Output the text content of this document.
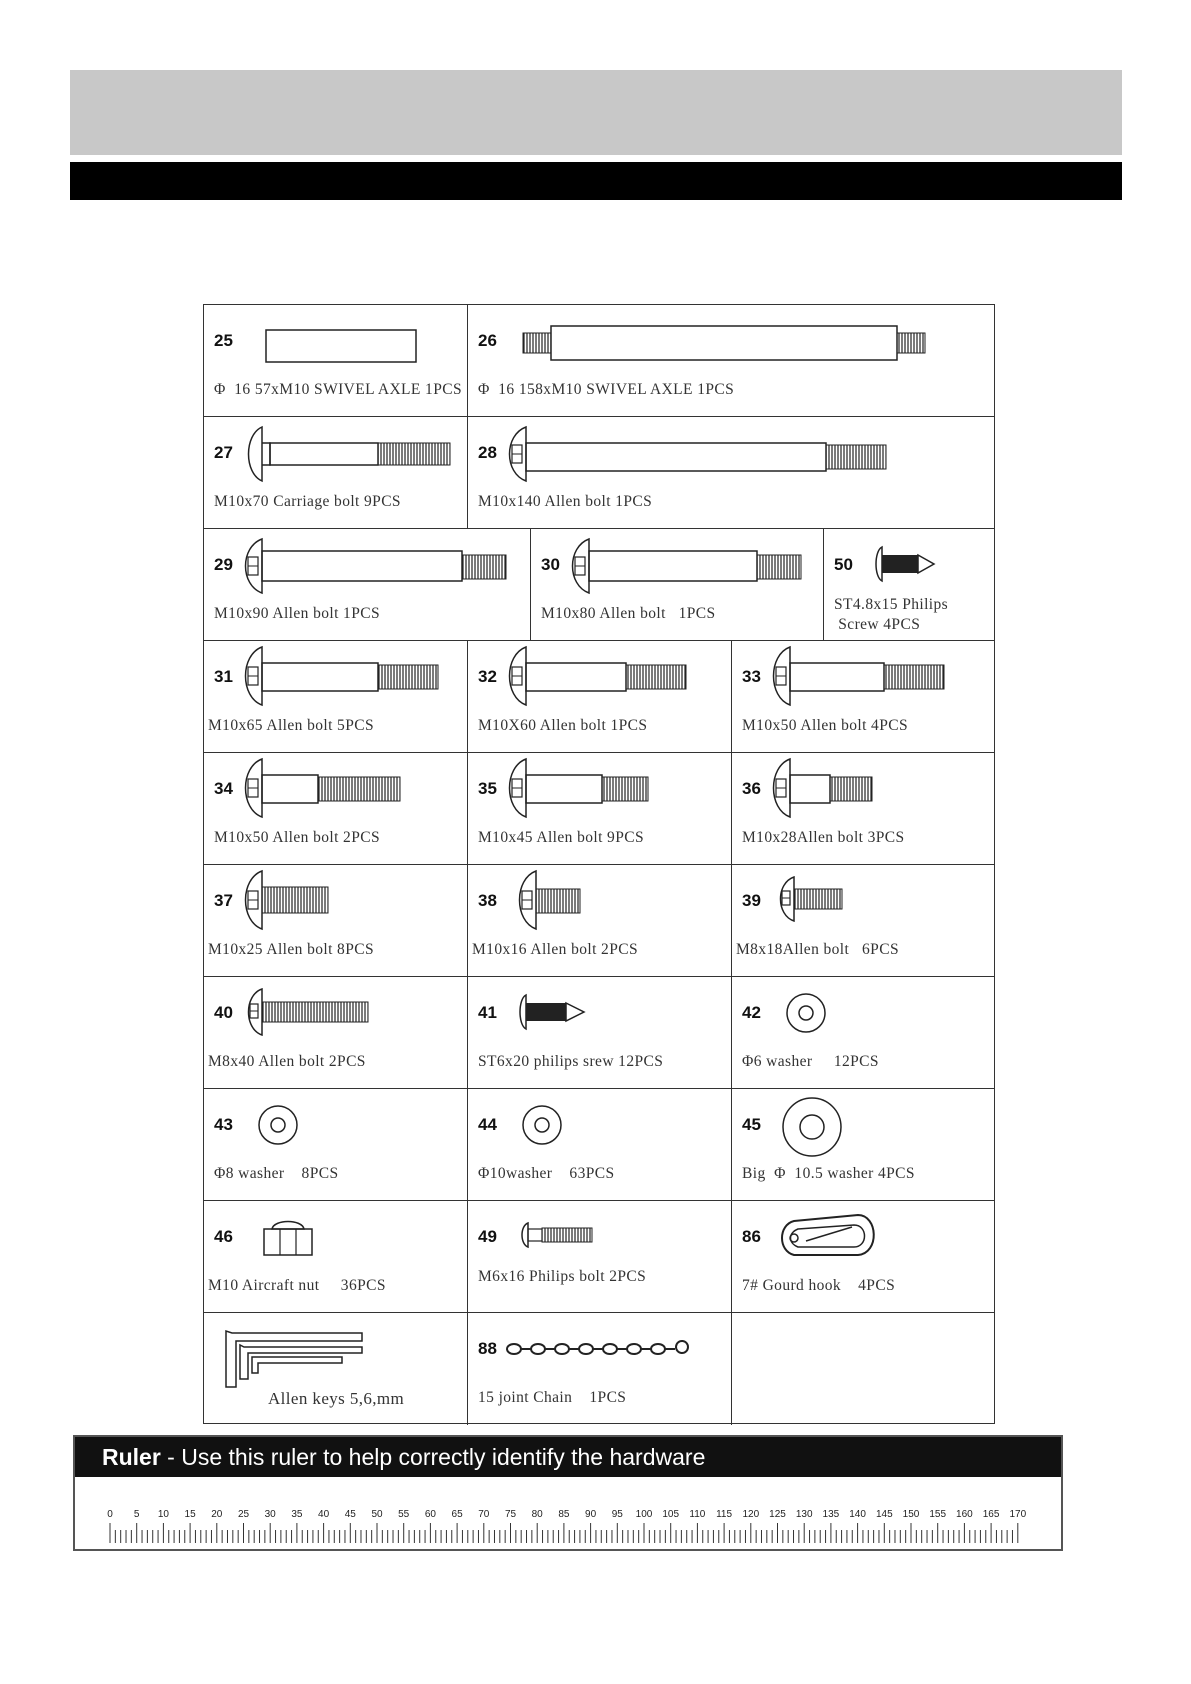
25
Φ  16 57xM10 SWIVEL AXLE 1PCS
26
Φ  16 158xM10 SWIVEL AXLE 1PCS
27
M10x70 Carriage bolt 9PCS
28
M10x140 Allen bolt 1PCS
29
M10x90 Allen bolt 1PCS
30
M10x80 Allen bolt   1PCS
50
ST4.8x15 Philips
Screw 4PCS
31
M10x65 Allen bolt 5PCS
32
M10X60 Allen bolt 1PCS
33
M10x50 Allen bolt 4PCS
34
M10x50 Allen bolt 2PCS
35
M10x45 Allen bolt 9PCS
36
M10x28Allen bolt 3PCS
37
M10x25 Allen bolt 8PCS
38
M10x16 Allen bolt 2PCS
39
M8x18Allen bolt   6PCS
40
M8x40 Allen bolt 2PCS
41
ST6x20 philips srew 12PCS
42
Φ6 washer     12PCS
43
Φ8 washer    8PCS
44
Φ10washer    63PCS
45
Big  Φ  10.5 washer 4PCS
46
M10 Aircraft nut     36PCS
49
M6x16 Philips bolt 2PCS
86
7# Gourd hook    4PCS
Allen keys 5,6,mm
88
15 joint Chain    1PCS
Ruler - Use this ruler to help correctly identify the hardware
0 5 10 15 20 25 30 35 40 45 50 55 60 65 70 75 80 85 90 95 100 105 110 115 120 125 130 135 140 145 150 155 160 165 170
